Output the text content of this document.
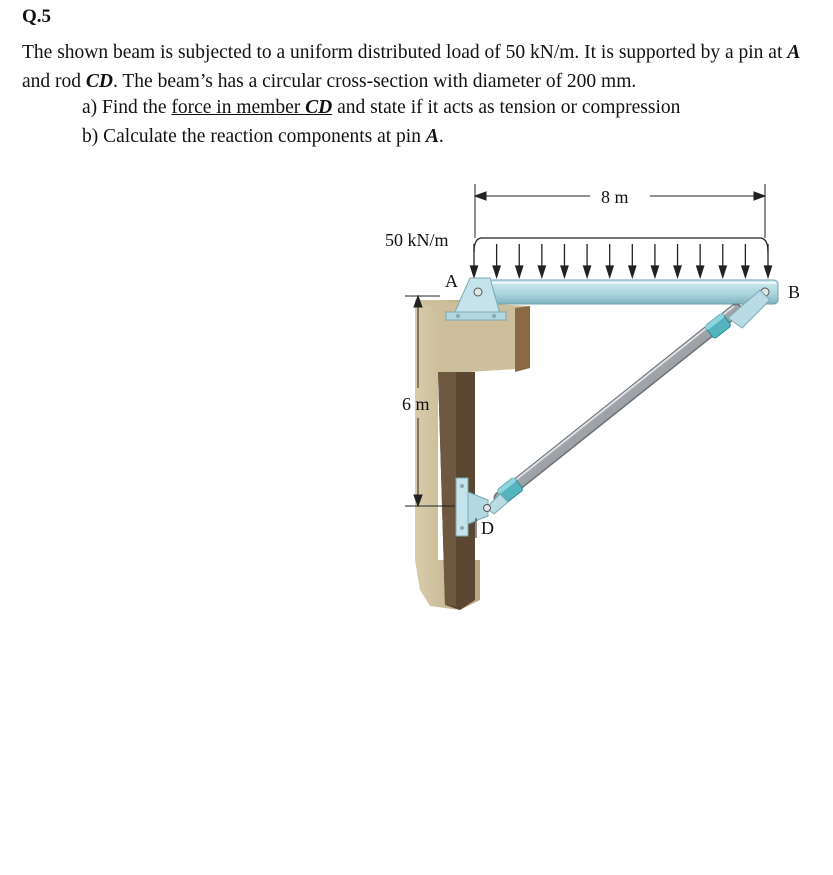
Q.5
The shown beam is subjected to a uniform distributed load of 50 kN/m. It is supported by a pin at A and rod CD. The beam’s has a circular cross-section with diameter of 200 mm.
a) Find the force in member CD and state if it acts as tension or compression
b) Calculate the reaction components at pin A.
8 m
6 m
50 kN/m
A
D
B
